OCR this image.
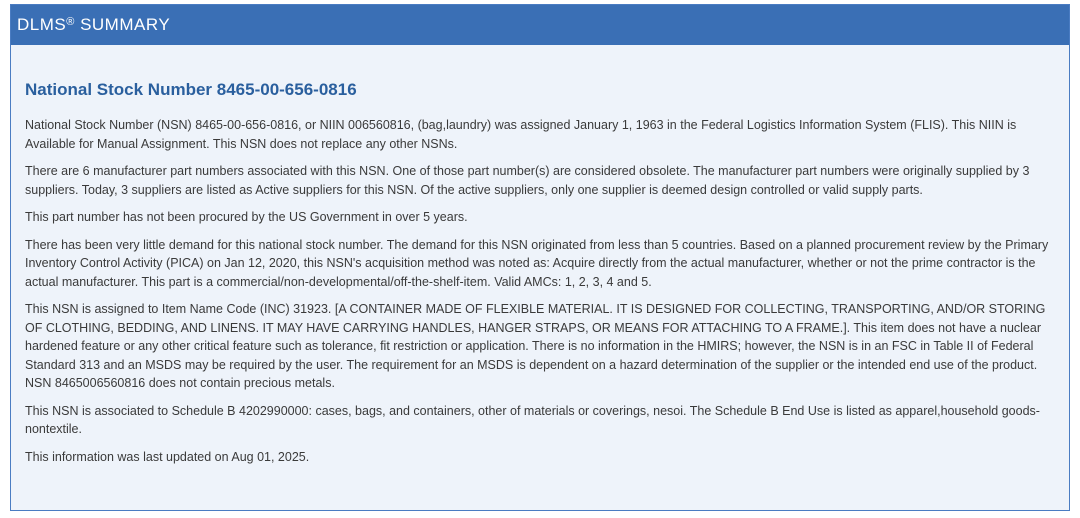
DLMS® SUMMARY
National Stock Number 8465-00-656-0816

National Stock Number (NSN) 8465-00-656-0816, or NIIN 006560816, (bag,laundry) was assigned January 1, 1963 in the Federal Logistics Information System (FLIS). This NIIN is Available for Manual Assignment. This NSN does not replace any other NSNs.

There are 6 manufacturer part numbers associated with this NSN. One of those part number(s) are considered obsolete. The manufacturer part numbers were originally supplied by 3 suppliers. Today, 3 suppliers are listed as Active suppliers for this NSN. Of the active suppliers, only one supplier is deemed design controlled or valid supply parts.

This part number has not been procured by the US Government in over 5 years.

There has been very little demand for this national stock number. The demand for this NSN originated from less than 5 countries. Based on a planned procurement review by the Primary Inventory Control Activity (PICA) on Jan 12, 2020, this NSN's acquisition method was noted as: Acquire directly from the actual manufacturer, whether or not the prime contractor is the actual manufacturer. This part is a commercial/non-developmental/off-the-shelf-item. Valid AMCs: 1, 2, 3, 4 and 5.

This NSN is assigned to Item Name Code (INC) 31923. [A CONTAINER MADE OF FLEXIBLE MATERIAL. IT IS DESIGNED FOR COLLECTING, TRANSPORTING, AND/OR STORING OF CLOTHING, BEDDING, AND LINENS. IT MAY HAVE CARRYING HANDLES, HANGER STRAPS, OR MEANS FOR ATTACHING TO A FRAME.]. This item does not have a nuclear hardened feature or any other critical feature such as tolerance, fit restriction or application. There is no information in the HMIRS; however, the NSN is in an FSC in Table II of Federal Standard 313 and an MSDS may be required by the user. The requirement for an MSDS is dependent on a hazard determination of the supplier or the intended end use of the product. NSN 8465006560816 does not contain precious metals.

This NSN is associated to Schedule B 4202990000: cases, bags, and containers, other of materials or coverings, nesoi. The Schedule B End Use is listed as apparel,household goods-nontextile.

This information was last updated on Aug 01, 2025.
